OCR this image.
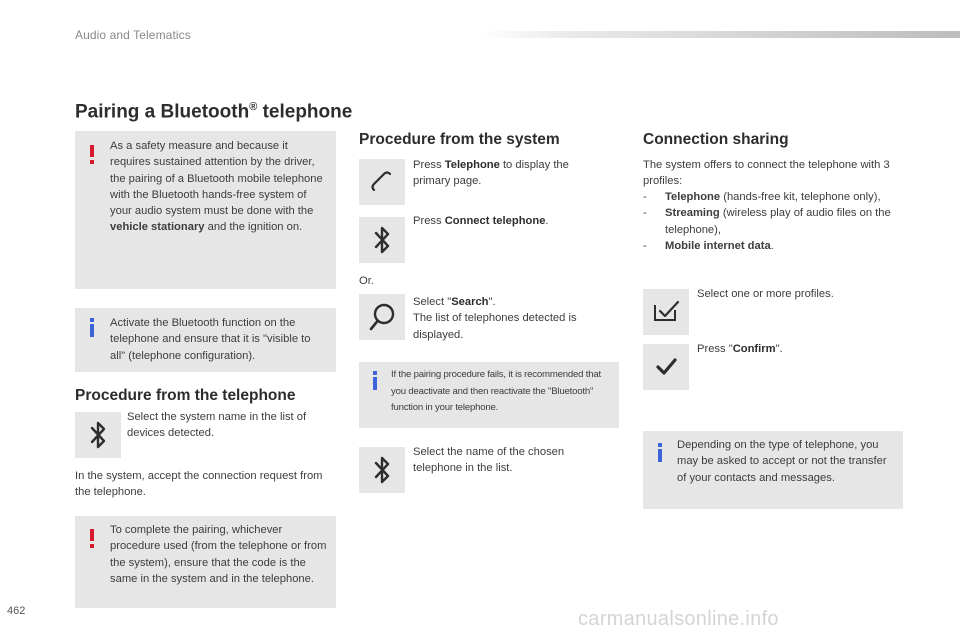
Audio and Telematics
Pairing a Bluetooth® telephone
As a safety measure and because it requires sustained attention by the driver, the pairing of a Bluetooth mobile telephone with the Bluetooth hands-free system of your audio system must be done with the vehicle stationary and the ignition on.
Activate the Bluetooth function on the telephone and ensure that it is "visible to all" (telephone configuration).
Procedure from the telephone
Select the system name in the list of devices detected.
In the system, accept the connection request from the telephone.
To complete the pairing, whichever procedure used (from the telephone or from the system), ensure that the code is the same in the system and in the telephone.
Procedure from the system
Press Telephone to display the primary page.
Press Connect telephone.
Or.
Select "Search".
The list of telephones detected is displayed.
If the pairing procedure fails, it is recommended that you deactivate and then reactivate the "Bluetooth" function in your telephone.
Select the name of the chosen telephone in the list.
Connection sharing
The system offers to connect the telephone with 3 profiles:
- Telephone (hands-free kit, telephone only),
- Streaming (wireless play of audio files on the telephone),
- Mobile internet data.
Select one or more profiles.
Press "Confirm".
Depending on the type of telephone, you may be asked to accept or not the transfer of your contacts and messages.
462	carmanualsonline.info
